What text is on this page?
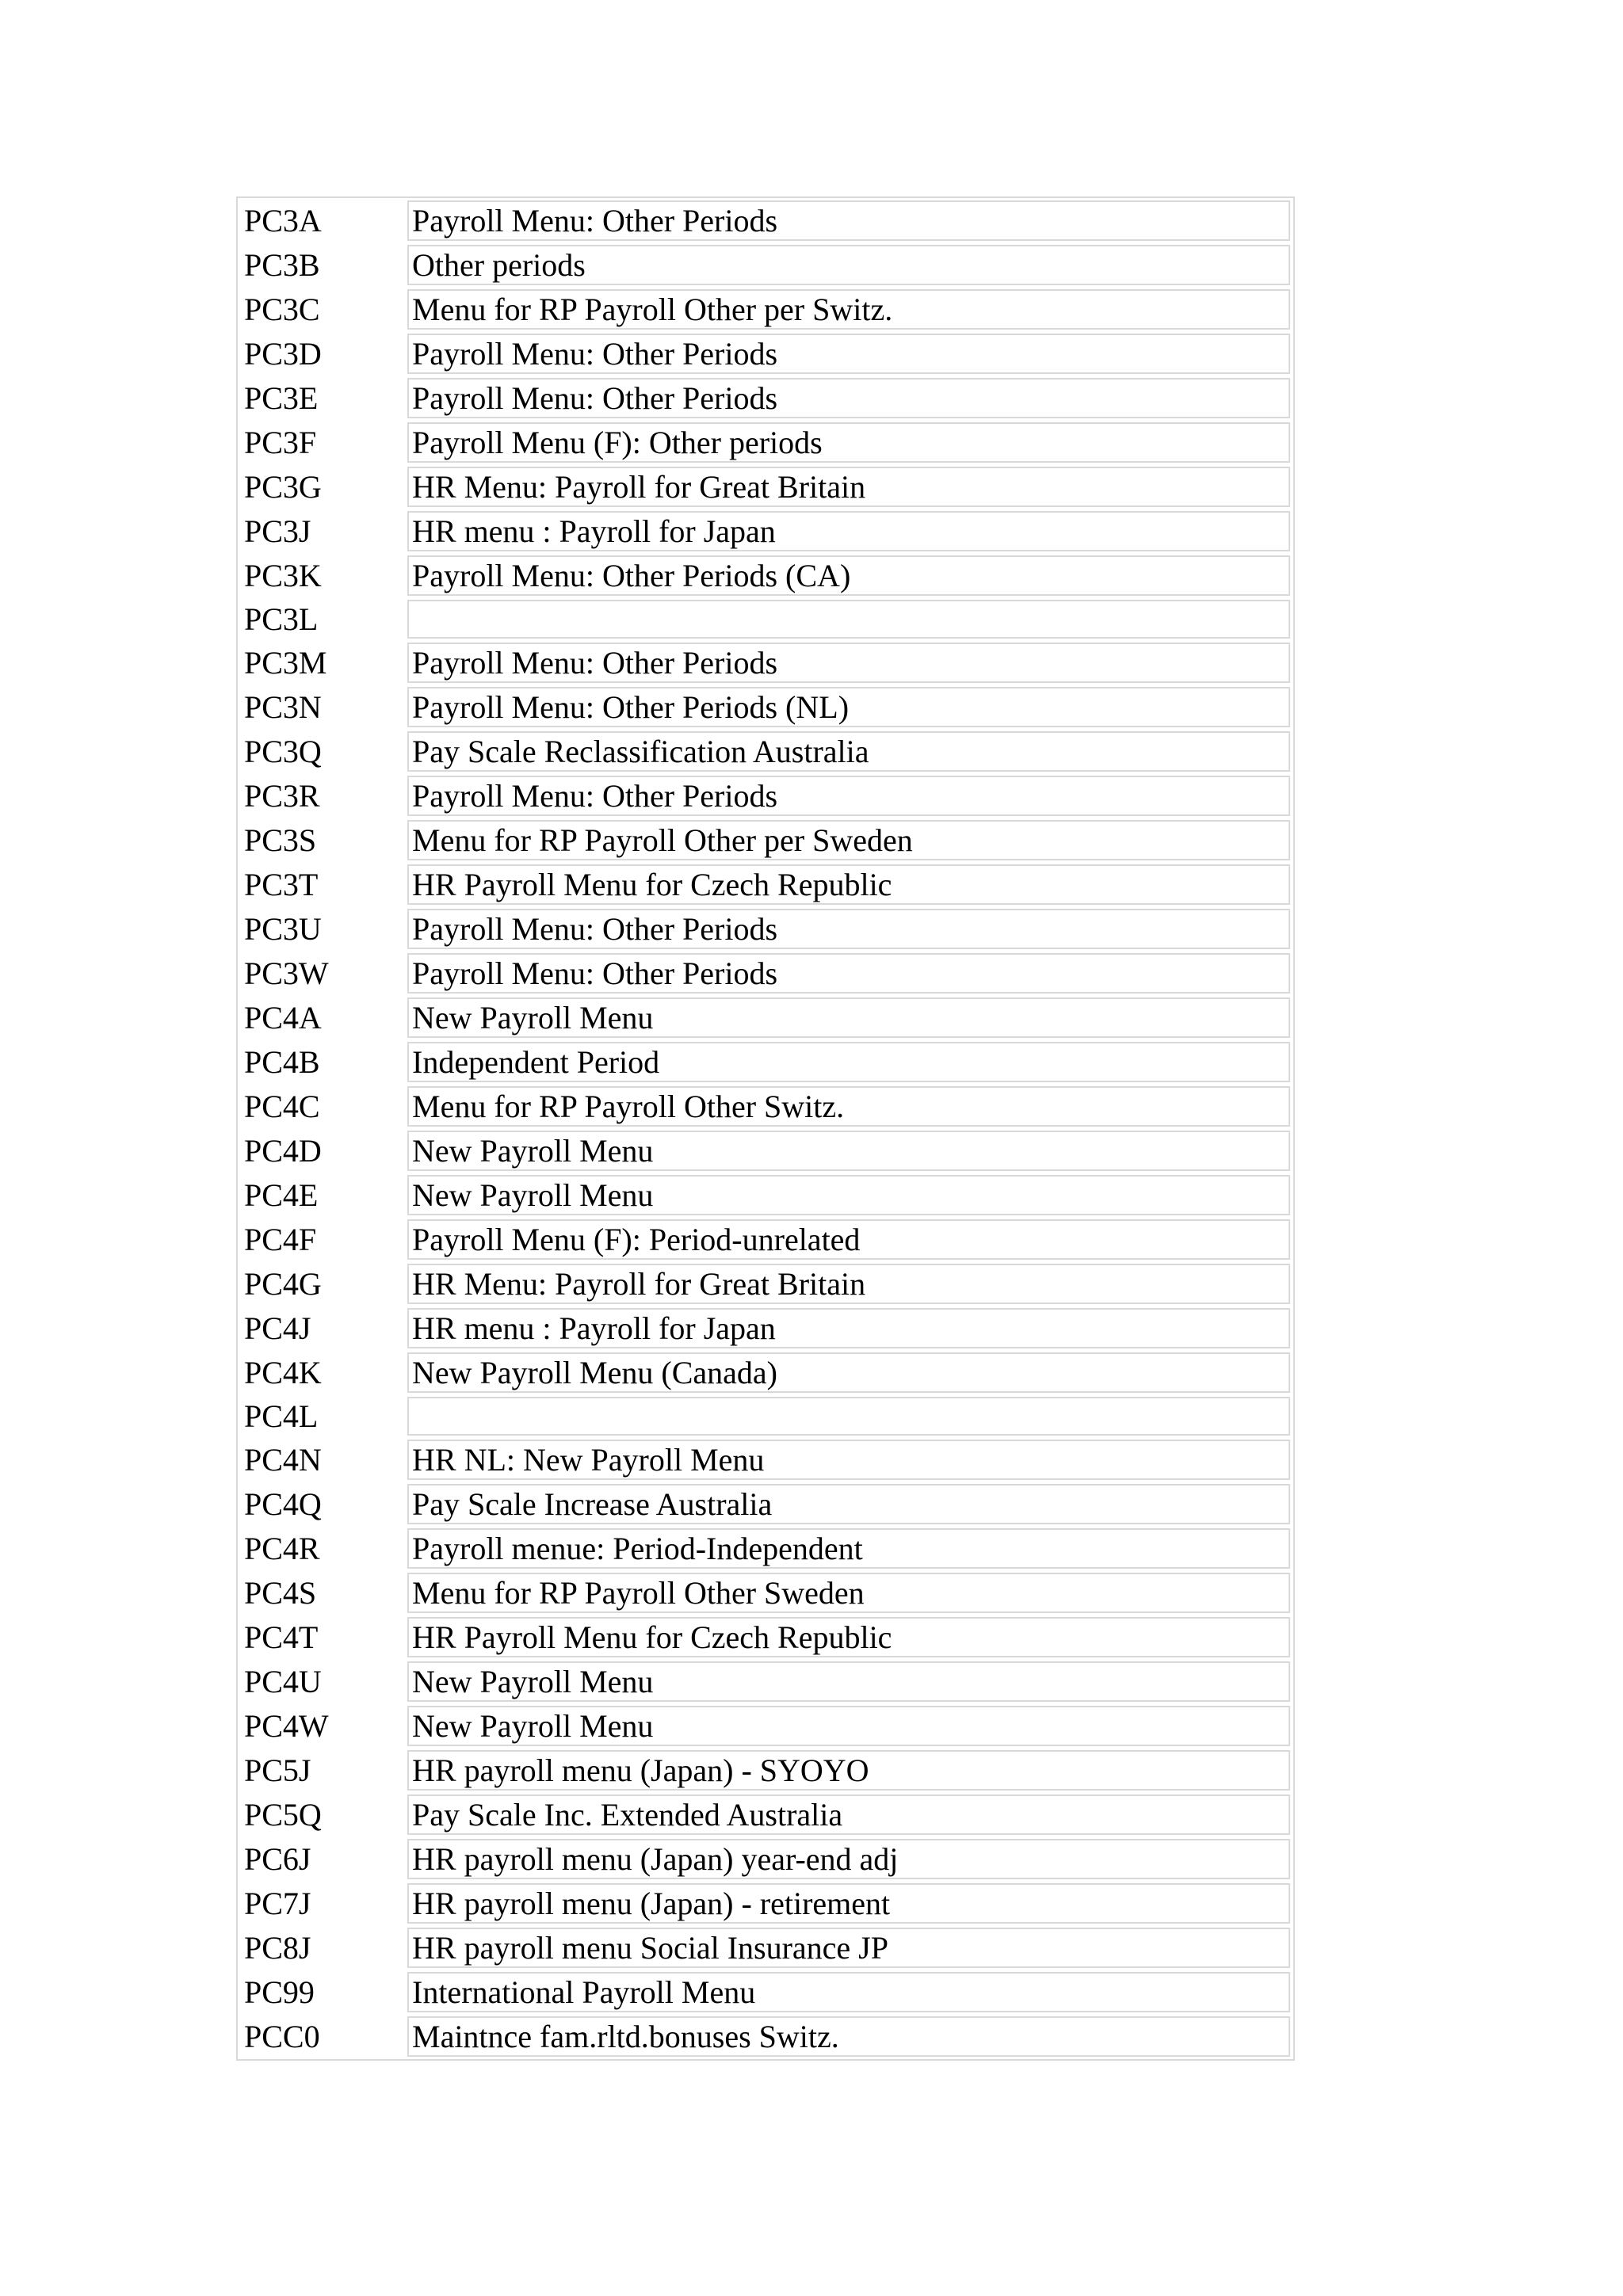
PC3A		Payroll Menu: Other Periods
PC3B		Other periods
PC3C		Menu for RP Payroll Other per Switz.
PC3D		Payroll Menu: Other Periods
PC3E		Payroll Menu: Other Periods
PC3F		Payroll Menu (F): Other periods
PC3G		HR Menu: Payroll for Great Britain
PC3J		HR menu : Payroll for Japan
PC3K		Payroll Menu: Other Periods (CA)
PC3L		
PC3M		Payroll Menu: Other Periods
PC3N		Payroll Menu: Other Periods (NL)
PC3Q		Pay Scale Reclassification Australia
PC3R		Payroll Menu: Other Periods
PC3S		Menu for RP Payroll Other per Sweden
PC3T		HR Payroll Menu for Czech Republic
PC3U		Payroll Menu: Other Periods
PC3W		Payroll Menu: Other Periods
PC4A		New Payroll Menu
PC4B		Independent Period
PC4C		Menu for RP Payroll Other Switz.
PC4D		New Payroll Menu
PC4E		New Payroll Menu
PC4F		Payroll Menu (F): Period-unrelated
PC4G		HR Menu: Payroll for Great Britain
PC4J		HR menu : Payroll for Japan
PC4K		New Payroll Menu (Canada)
PC4L		
PC4N		HR NL: New Payroll Menu
PC4Q		Pay Scale Increase Australia
PC4R		Payroll menue: Period-Independent
PC4S		Menu for RP Payroll Other Sweden
PC4T		HR Payroll Menu for Czech Republic
PC4U		New Payroll Menu
PC4W		New Payroll Menu
PC5J		HR payroll menu (Japan) - SYOYO
PC5Q		Pay Scale Inc. Extended Australia
PC6J		HR payroll menu (Japan) year-end adj
PC7J		HR payroll menu (Japan) - retirement
PC8J		HR payroll menu Social Insurance JP
PC99		International Payroll Menu
PCC0		Maintnce fam.rltd.bonuses Switz.
